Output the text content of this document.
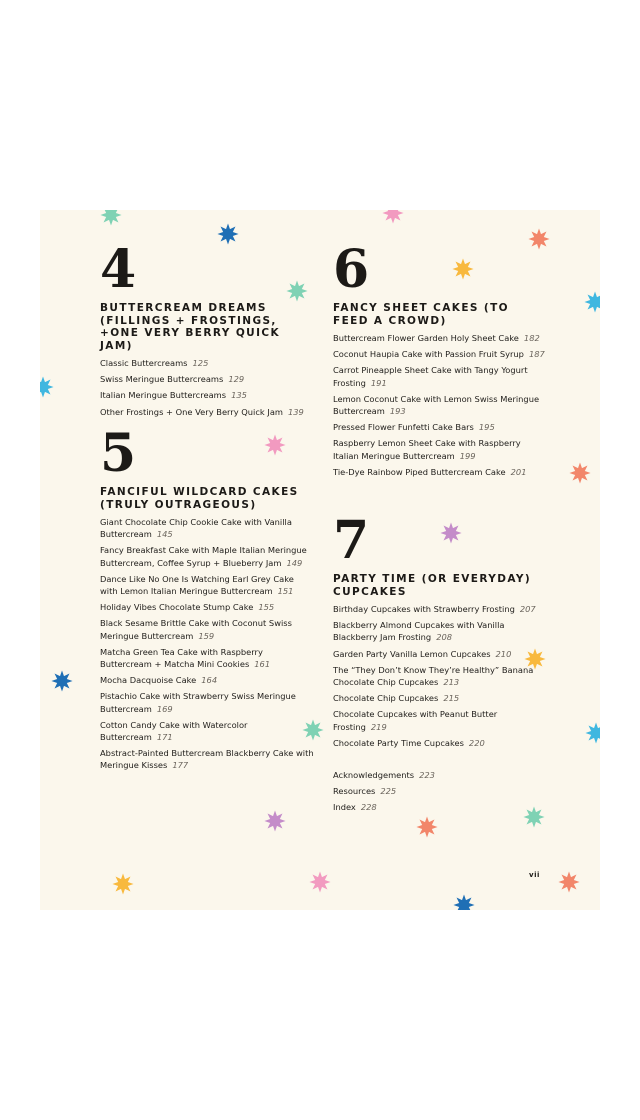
4
BUTTERCREAM DREAMS (FILLINGS + FROSTINGS, +ONE VERY BERRY QUICK JAM)
Classic Buttercreams 125
Swiss Meringue Buttercreams 129
Italian Meringue Buttercreams 135
Other Frostings + One Very Berry Quick Jam 139
5
FANCIFUL WILDCARD CAKES (TRULY OUTRAGEOUS)
Giant Chocolate Chip Cookie Cake with Vanilla Buttercream 145
Fancy Breakfast Cake with Maple Italian Meringue Buttercream, Coffee Syrup + Blueberry Jam 149
Dance Like No One Is Watching Earl Grey Cake with Lemon Italian Meringue Buttercream 151
Holiday Vibes Chocolate Stump Cake 155
Black Sesame Brittle Cake with Coconut Swiss Meringue Buttercream 159
Matcha Green Tea Cake with Raspberry Buttercream + Matcha Mini Cookies 161
Mocha Dacquoise Cake 164
Pistachio Cake with Strawberry Swiss Meringue Buttercream 169
Cotton Candy Cake with Watercolor Buttercream 171
Abstract-Painted Buttercream Blackberry Cake with Meringue Kisses 177
6
FANCY SHEET CAKES (TO FEED A CROWD)
Buttercream Flower Garden Holy Sheet Cake 182
Coconut Haupia Cake with Passion Fruit Syrup 187
Carrot Pineapple Sheet Cake with Tangy Yogurt Frosting 191
Lemon Coconut Cake with Lemon Swiss Meringue Buttercream 193
Pressed Flower Funfetti Cake Bars 195
Raspberry Lemon Sheet Cake with Raspberry Italian Meringue Buttercream 199
Tie-Dye Rainbow Piped Buttercream Cake 201
7
PARTY TIME (OR EVERYDAY) CUPCAKES
Birthday Cupcakes with Strawberry Frosting 207
Blackberry Almond Cupcakes with Vanilla Blackberry Jam Frosting 208
Garden Party Vanilla Lemon Cupcakes 210
The “They Don’t Know They’re Healthy” Banana Chocolate Chip Cupcakes 213
Chocolate Chip Cupcakes 215
Chocolate Cupcakes with Peanut Butter Frosting 219
Chocolate Party Time Cupcakes 220
Acknowledgements 223
Resources 225
Index 228
vii
